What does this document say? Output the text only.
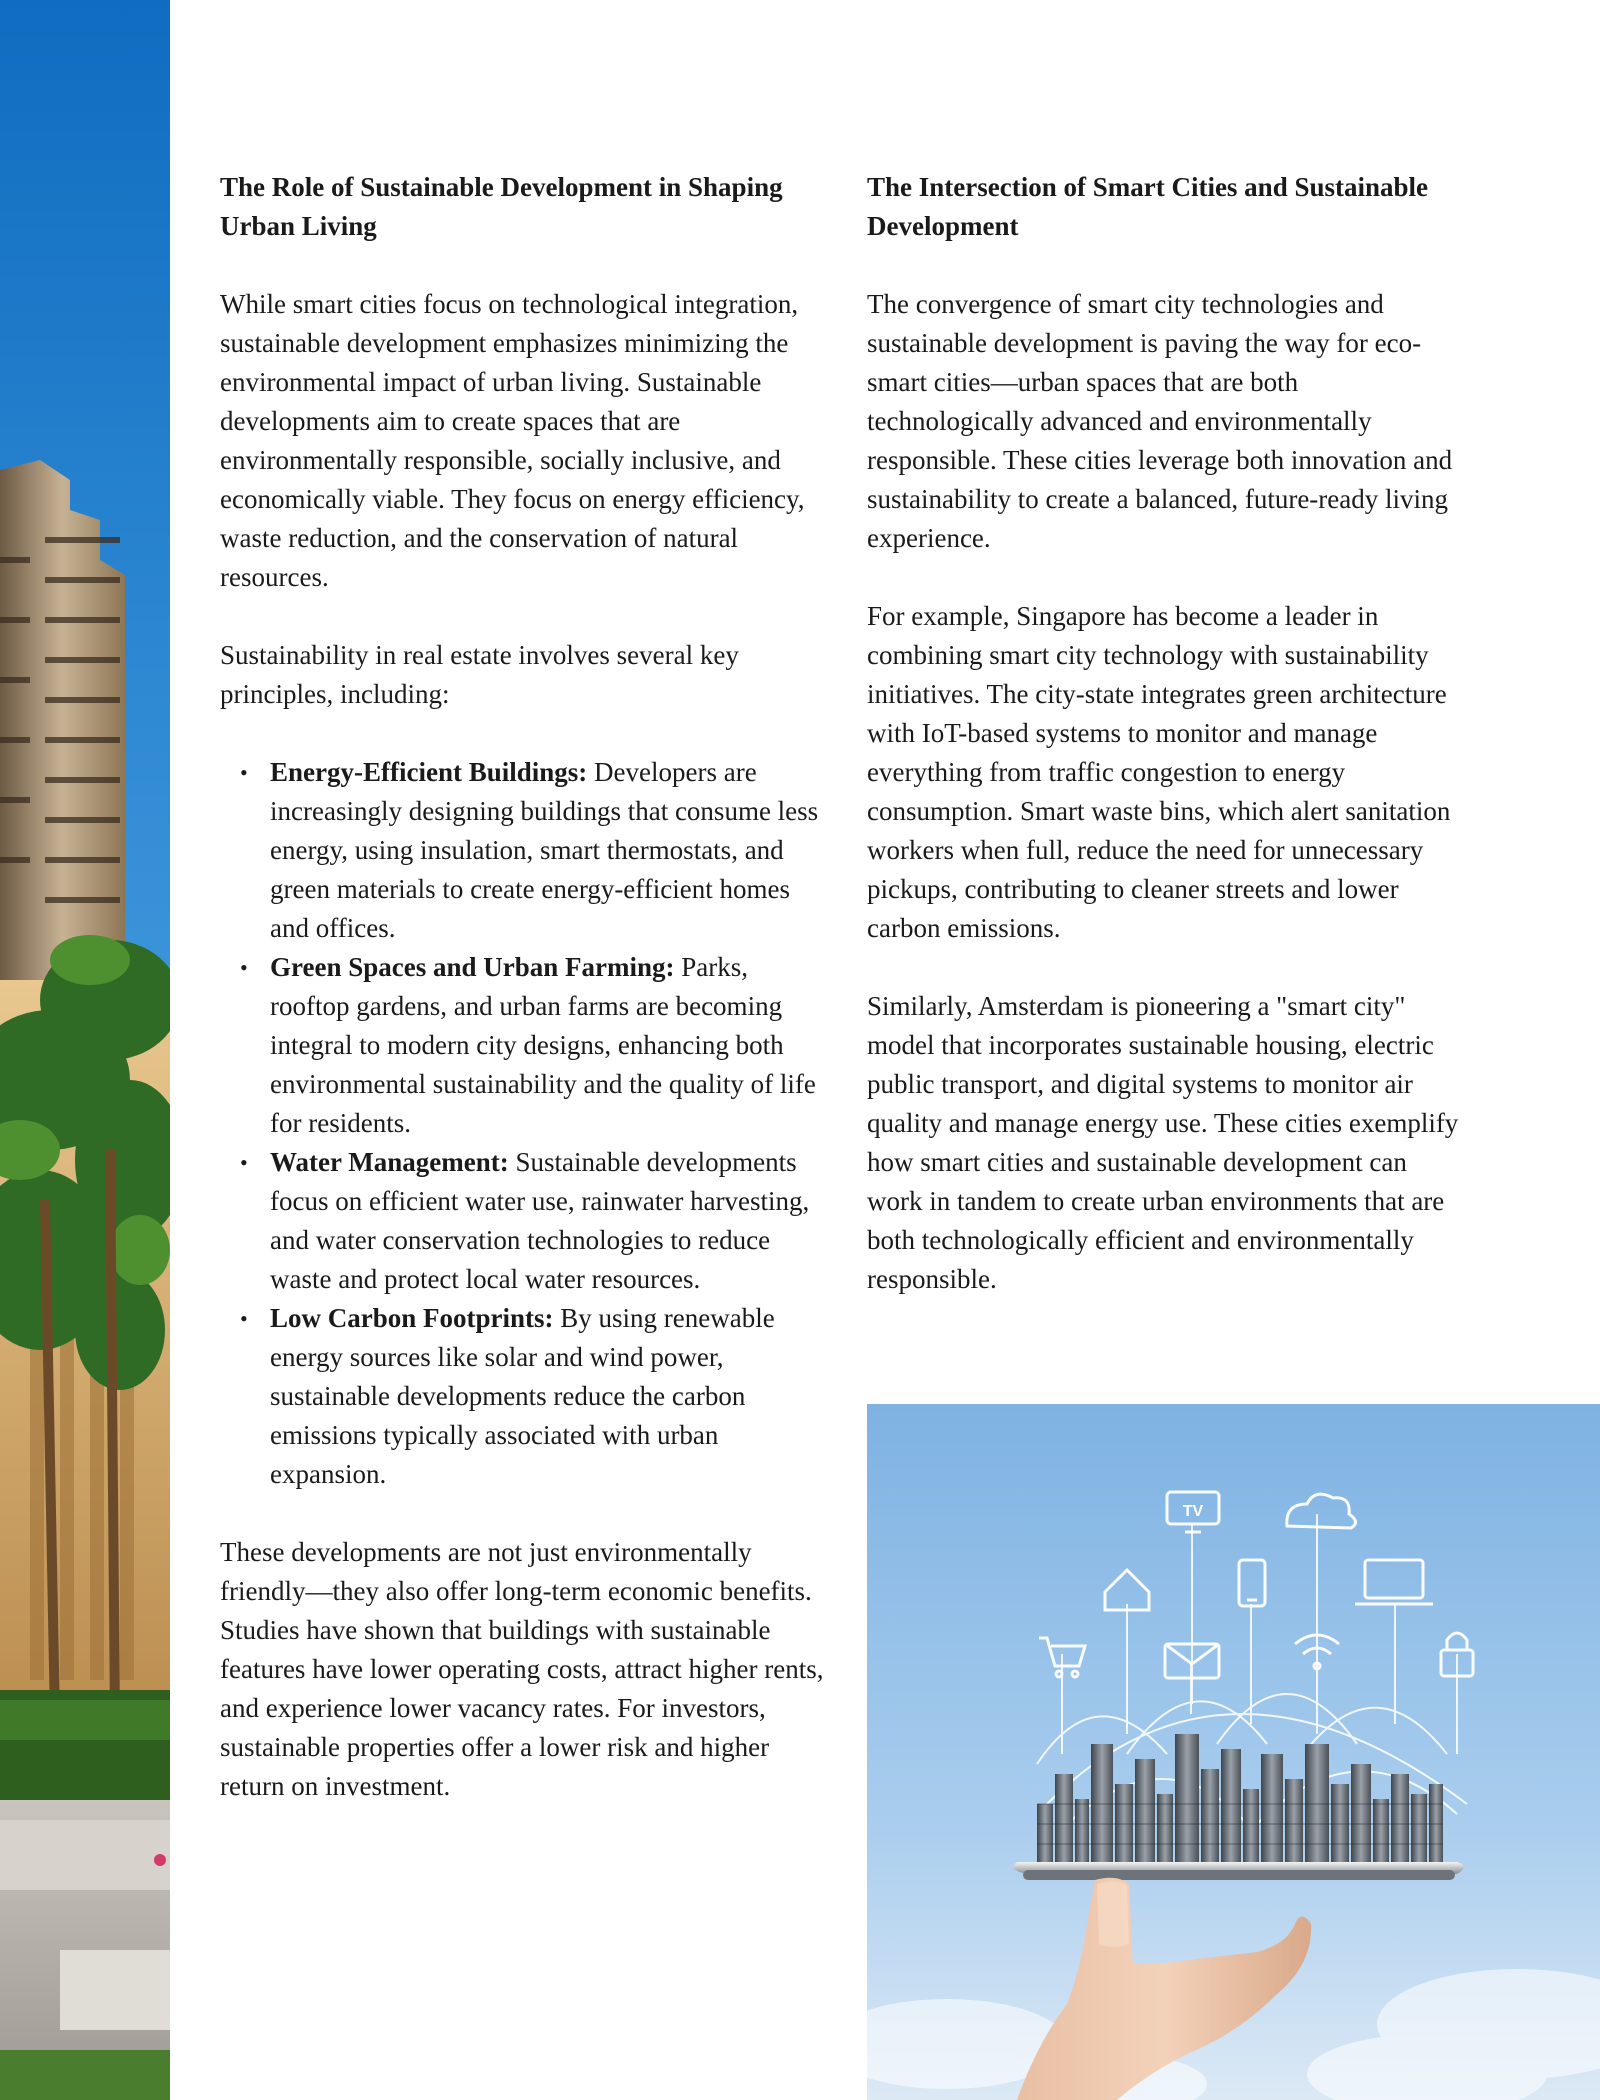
The Role of Sustainable Development in Shaping Urban Living

While smart cities focus on technological integration, sustainable development emphasizes minimizing the environmental impact of urban living. Sustainable developments aim to create spaces that are environmentally responsible, socially inclusive, and economically viable. They focus on energy efficiency, waste reduction, and the conservation of natural resources.

Sustainability in real estate involves several key principles, including:

• Energy-Efficient Buildings: Developers are increasingly designing buildings that consume less energy, using insulation, smart thermostats, and green materials to create energy-efficient homes and offices.
• Green Spaces and Urban Farming: Parks, rooftop gardens, and urban farms are becoming integral to modern city designs, enhancing both environmental sustainability and the quality of life for residents.
• Water Management: Sustainable developments focus on efficient water use, rainwater harvesting, and water conservation technologies to reduce waste and protect local water resources.
• Low Carbon Footprints: By using renewable energy sources like solar and wind power, sustainable developments reduce the carbon emissions typically associated with urban expansion.

These developments are not just environmentally friendly—they also offer long-term economic benefits. Studies have shown that buildings with sustainable features have lower operating costs, attract higher rents, and experience lower vacancy rates. For investors, sustainable properties offer a lower risk and higher return on investment.

The Intersection of Smart Cities and Sustainable Development

The convergence of smart city technologies and sustainable development is paving the way for eco-smart cities—urban spaces that are both technologically advanced and environmentally responsible. These cities leverage both innovation and sustainability to create a balanced, future-ready living experience.

For example, Singapore has become a leader in combining smart city technology with sustainability initiatives. The city-state integrates green architecture with IoT-based systems to monitor and manage everything from traffic congestion to energy consumption. Smart waste bins, which alert sanitation workers when full, reduce the need for unnecessary pickups, contributing to cleaner streets and lower carbon emissions.

Similarly, Amsterdam is pioneering a "smart city" model that incorporates sustainable housing, electric public transport, and digital systems to monitor air quality and manage energy use. These cities exemplify how smart cities and sustainable development can work in tandem to create urban environments that are both technologically efficient and environmentally responsible.

TV
